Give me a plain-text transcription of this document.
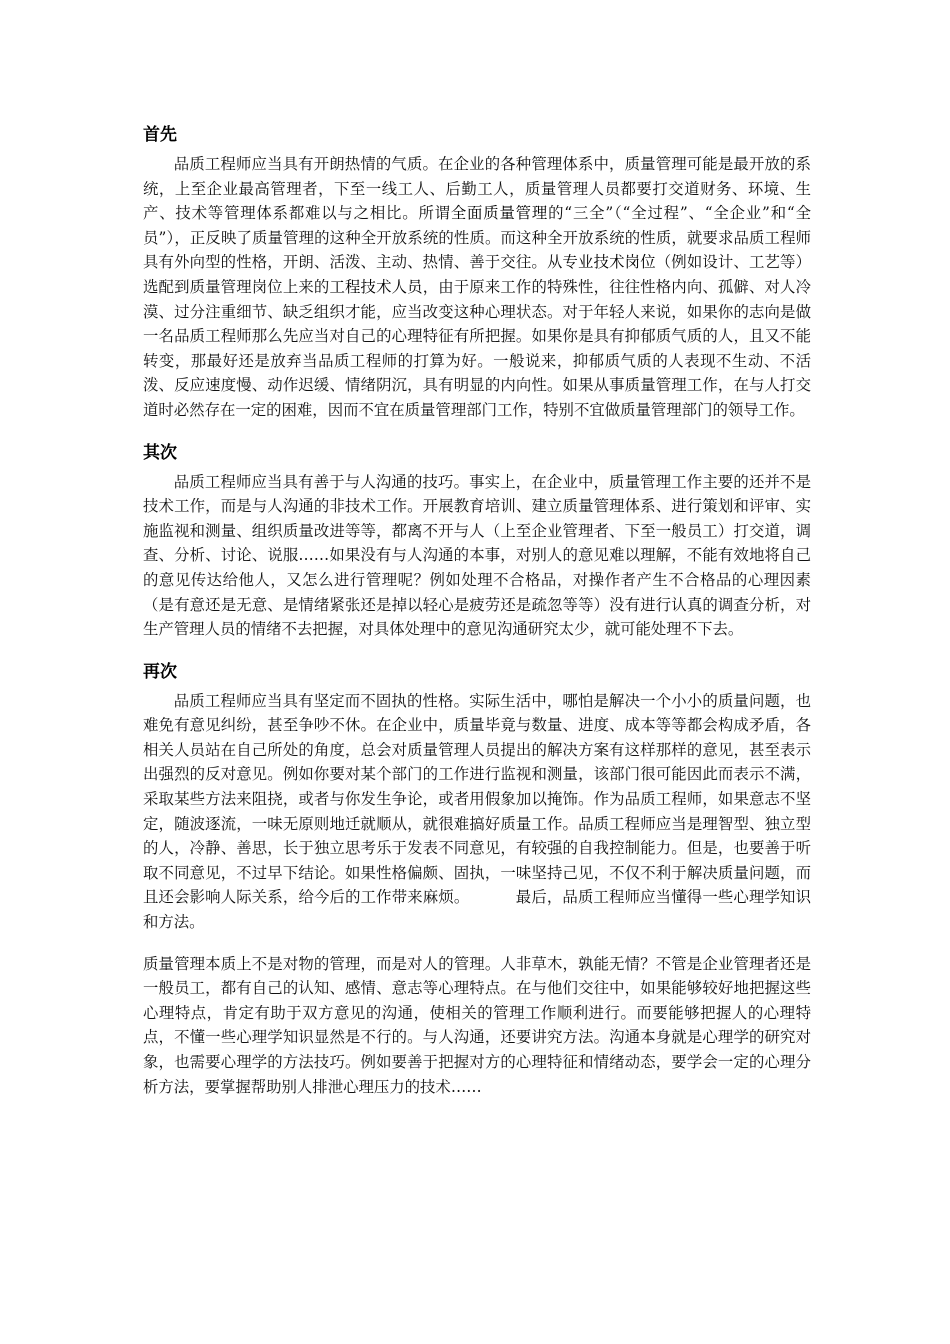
首先

品质工程师应当具有开朗热情的气质。在企业的各种管理体系中，质量管理可能是最开放的系统，上至企业最高管理者，下至一线工人、后勤工人，质量管理人员都要打交道财务、环境、生产、技术等管理体系都难以与之相比。所谓全面质量管理的“三全”（“全过程”、“全企业”和“全员”），正反映了质量管理的这种全开放系统的性质。而这种全开放系统的性质，就要求品质工程师具有外向型的性格，开朗、活泼、主动、热情、善于交往。从专业技术岗位（例如设计、工艺等）选配到质量管理岗位上来的工程技术人员，由于原来工作的特殊性，往往性格内向、孤僻、对人冷漠、过分注重细节、缺乏组织才能，应当改变这种心理状态。对于年轻人来说，如果你的志向是做一名品质工程师那么先应当对自己的心理特征有所把握。如果你是具有抑郁质气质的人，且又不能转变，那最好还是放弃当品质工程师的打算为好。一般说来，抑郁质气质的人表现不生动、不活泼、反应速度慢、动作迟缓、情绪阴沉，具有明显的内向性。如果从事质量管理工作，在与人打交道时必然存在一定的困难，因而不宜在质量管理部门工作，特别不宜做质量管理部门的领导工作。

其次

品质工程师应当具有善于与人沟通的技巧。事实上，在企业中，质量管理工作主要的还并不是技术工作，而是与人沟通的非技术工作。开展教育培训、建立质量管理体系、进行策划和评审、实施监视和测量、组织质量改进等等，都离不开与人（上至企业管理者、下至一般员工）打交道，调查、分析、讨论、说服……如果没有与人沟通的本事，对别人的意见难以理解，不能有效地将自己的意见传达给他人，又怎么进行管理呢？例如处理不合格品，对操作者产生不合格品的心理因素（是有意还是无意、是情绪紧张还是掉以轻心是疲劳还是疏忽等等）没有进行认真的调查分析，对生产管理人员的情绪不去把握，对具体处理中的意见沟通研究太少，就可能处理不下去。

再次

品质工程师应当具有坚定而不固执的性格。实际生活中，哪怕是解决一个小小的质量问题，也难免有意见纠纷，甚至争吵不休。在企业中，质量毕竟与数量、进度、成本等等都会构成矛盾，各相关人员站在自己所处的角度，总会对质量管理人员提出的解决方案有这样那样的意见，甚至表示出强烈的反对意见。例如你要对某个部门的工作进行监视和测量，该部门很可能因此而表示不满，采取某些方法来阻挠，或者与你发生争论，或者用假象加以掩饰。作为品质工程师，如果意志不坚定，随波逐流，一味无原则地迁就顺从，就很难搞好质量工作。品质工程师应当是理智型、独立型的人，冷静、善思，长于独立思考乐于发表不同意见，有较强的自我控制能力。但是，也要善于听取不同意见，不过早下结论。如果性格偏颇、固执，一味坚持己见，不仅不利于解决质量问题，而且还会影响人际关系，给今后的工作带来麻烦。	最后，品质工程师应当懂得一些心理学知识和方法。

质量管理本质上不是对物的管理，而是对人的管理。人非草木，孰能无情？不管是企业管理者还是一般员工，都有自己的认知、感情、意志等心理特点。在与他们交往中，如果能够较好地把握这些心理特点，肯定有助于双方意见的沟通，使相关的管理工作顺利进行。而要能够把握人的心理特点，不懂一些心理学知识显然是不行的。与人沟通，还要讲究方法。沟通本身就是心理学的研究对象，也需要心理学的方法技巧。例如要善于把握对方的心理特征和情绪动态，要学会一定的心理分析方法，要掌握帮助别人排泄心理压力的技术……
